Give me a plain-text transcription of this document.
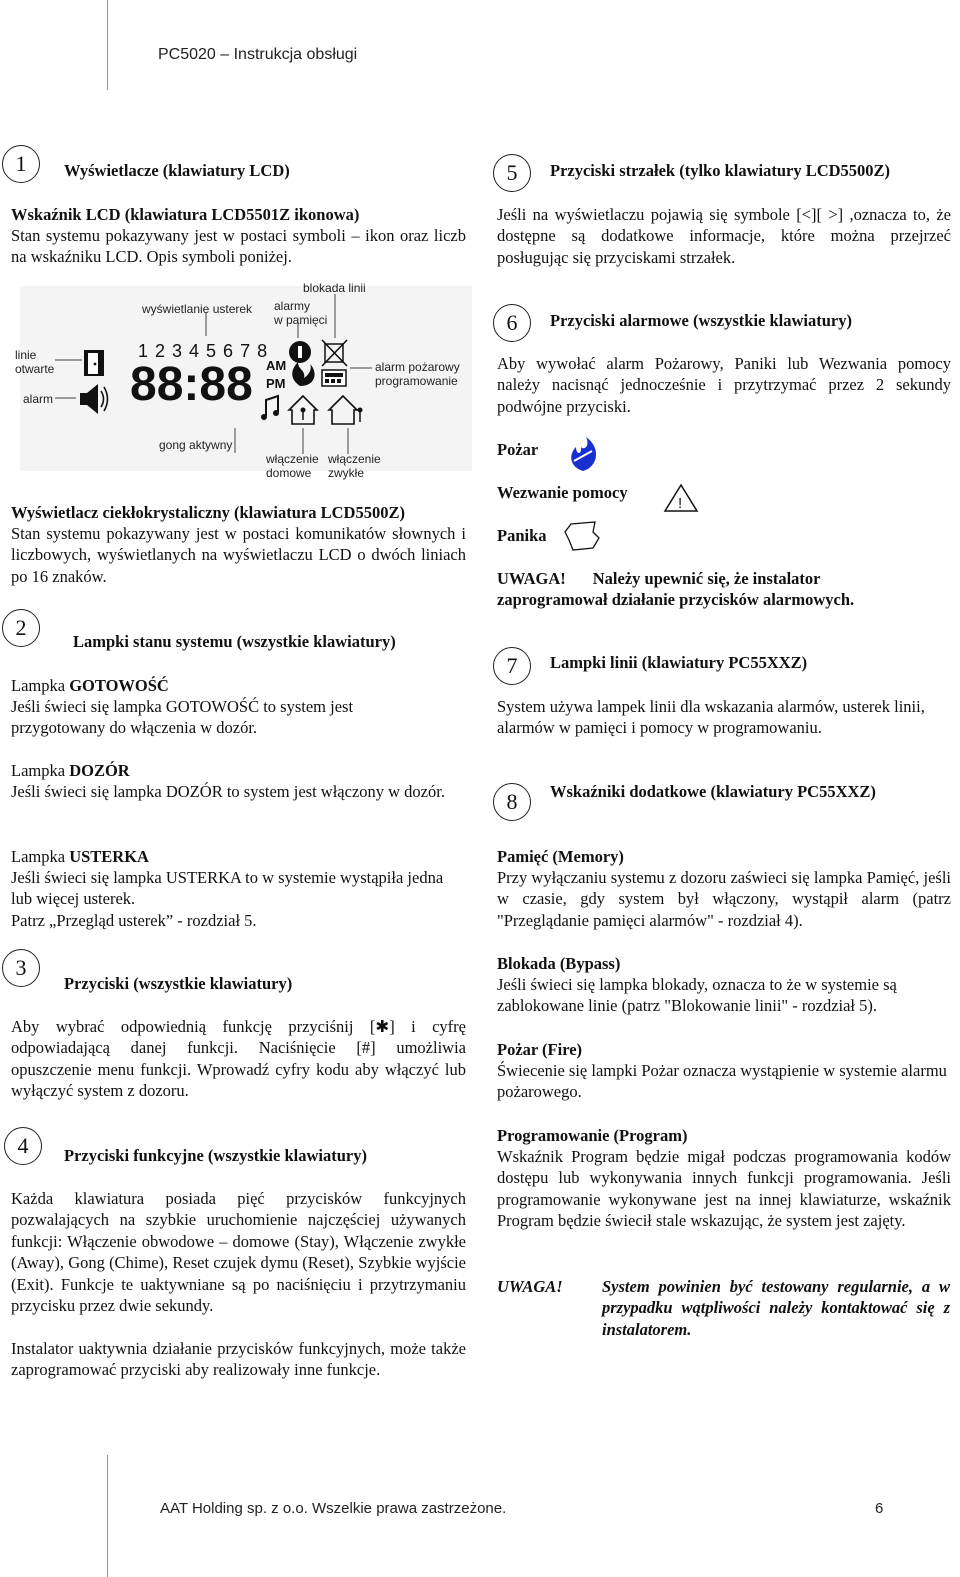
PC5020 – Instrukcja obsługi
1	Wyświetlacze (klawiatury LCD)
Wskaźnik LCD (klawiatura LCD5501Z ikonowa)
Stan systemu pokazywany jest w postaci symboli – ikon oraz liczb na wskaźniku LCD. Opis symboli poniżej.
88:88
wyświetlanie usterek
blokada linii
alarmy
w pamięci
linie
otwarte
alarm
alarm pożarowy
programowanie
gong aktywny
włączenie
domowe
włączenie
zwykłe
1 2 3 4 5 6 7 8
AM
PM
Wyświetlacz ciekłokrystaliczny (klawiatura LCD5500Z)
Stan systemu pokazywany jest w postaci komunikatów słownych i liczbowych, wyświetlanych na wyświetlaczu LCD o dwóch liniach po 16 znaków.
2
Lampki stanu systemu (wszystkie klawiatury)
Lampka GOTOWOŚĆ
Jeśli świeci się lampka GOTOWOŚĆ to system jest przygotowany do włączenia w dozór.
Lampka DOZÓR
Jeśli świeci się lampka DOZÓR to system jest włączony w dozór.
Lampka USTERKA
Jeśli świeci się lampka USTERKA to w systemie wystąpiła jedna lub więcej usterek.
Patrz „Przegląd usterek” - rozdział 5.
3
Przyciski (wszystkie klawiatury)
Aby wybrać odpowiednią funkcję przyciśnij [✱] i cyfrę odpowiadającą danej funkcji. Naciśnięcie [#] umożliwia opuszczenie menu funkcji. Wprowadź cyfry kodu aby włączyć lub wyłączyć system z dozoru.
4	Przyciski funkcyjne (wszystkie klawiatury)
Każda klawiatura posiada pięć przycisków funkcyjnych pozwalających na szybkie uruchomienie najczęściej używanych funkcji: Włączenie obwodowe – domowe (Stay), Włączenie zwykłe (Away), Gong (Chime), Reset czujek dymu (Reset), Szybkie wyjście (Exit). Funkcje te uaktywniane są po naciśnięciu i przytrzymaniu przycisku przez dwie sekundy.
Instalator uaktywnia działanie przycisków funkcyjnych, może także zaprogramować przyciski aby realizowały inne funkcje.
5	Przyciski strzałek (tylko klawiatury LCD5500Z)
Jeśli na wyświetlaczu pojawią się symbole [<][ >] ,oznacza to, że dostępne są dodatkowe informacje, które można przejrzeć posługując się przyciskami strzałek.
6	Przyciski alarmowe (wszystkie klawiatury)
Aby wywołać alarm Pożarowy, Paniki lub Wezwania pomocy należy nacisnąć jednocześnie i przytrzymać przez 2 sekundy podwójne przyciski.
Pożar
Wezwanie pomocy
!
Panika
UWAGA! Należy upewnić się, że instalator
zaprogramował działanie przycisków alarmowych.
7	Lampki linii (klawiatury PC55XXZ)
System używa lampek linii dla wskazania alarmów, usterek linii, alarmów w pamięci i pomocy w programowaniu.
8	Wskaźniki dodatkowe (klawiatury PC55XXZ)
Pamięć (Memory)
Przy wyłączaniu systemu z dozoru zaświeci się lampka Pamięć, jeśli w czasie, gdy system był włączony, wystąpił alarm (patrz "Przeglądanie pamięci alarmów" - rozdział 4).
Blokada (Bypass)
Jeśli świeci się lampka blokady, oznacza to że w systemie są zablokowane linie (patrz "Blokowanie linii" - rozdział 5).
Pożar (Fire)
Świecenie się lampki Pożar oznacza wystąpienie w systemie alarmu pożarowego.
Programowanie (Program)
Wskaźnik Program będzie migał podczas programowania kodów dostępu lub wykonywania innych funkcji programowania. Jeśli programowanie wykonywane jest na innej klawiaturze, wskaźnik Program będzie świecił stale wskazując, że system jest zajęty.
UWAGA! System powinien być testowany regularnie, a w przypadku wątpliwości należy kontaktować się z instalatorem.
AAT Holding sp. z o.o. Wszelkie prawa zastrzeżone.	6
